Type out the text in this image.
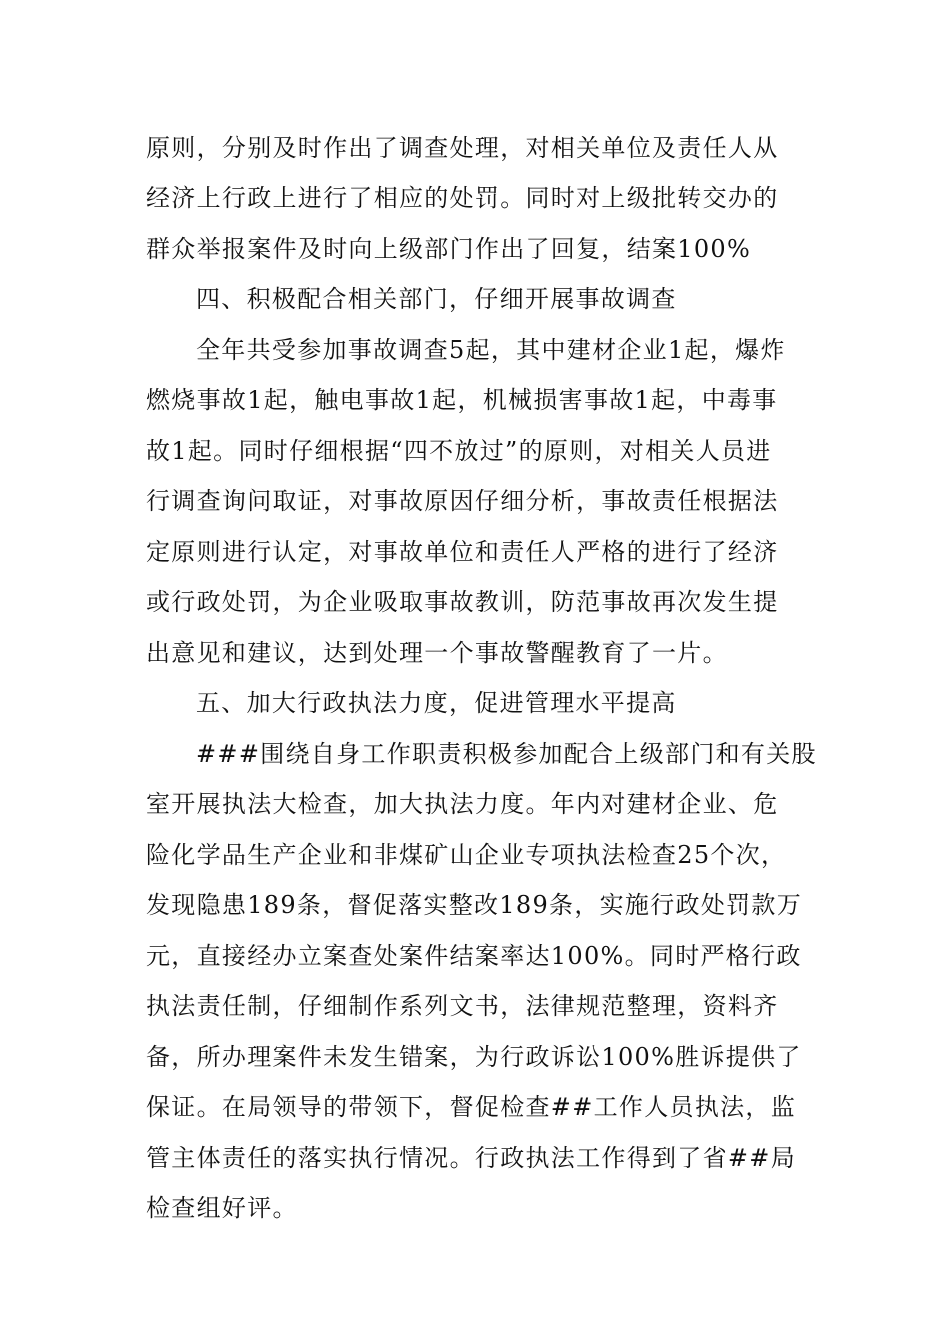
原则，分别及时作出了调查处理，对相关单位及责任人从
经济上行政上进行了相应的处罚。同时对上级批转交办的
群众举报案件及时向上级部门作出了回复，结案100%
四、积极配合相关部门，仔细开展事故调查
全年共受参加事故调查5起，其中建材企业1起，爆炸
燃烧事故1起，触电事故1起，机械损害事故1起，中毒事
故1起。同时仔细根据“四不放过”的原则，对相关人员进
行调查询问取证，对事故原因仔细分析，事故责任根据法
定原则进行认定，对事故单位和责任人严格的进行了经济
或行政处罚，为企业吸取事故教训，防范事故再次发生提
出意见和建议，达到处理一个事故警醒教育了一片。
五、加大行政执法力度，促进管理水平提高
###围绕自身工作职责积极参加配合上级部门和有关股
室开展执法大检查，加大执法力度。年内对建材企业、危
险化学品生产企业和非煤矿山企业专项执法检查25个次，
发现隐患189条，督促落实整改189条，实施行政处罚款万
元，直接经办立案查处案件结案率达100%。同时严格行政
执法责任制，仔细制作系列文书，法律规范整理，资料齐
备，所办理案件未发生错案，为行政诉讼100%胜诉提供了
保证。在局领导的带领下，督促检查##工作人员执法，监
管主体责任的落实执行情况。行政执法工作得到了省##局
检查组好评。
